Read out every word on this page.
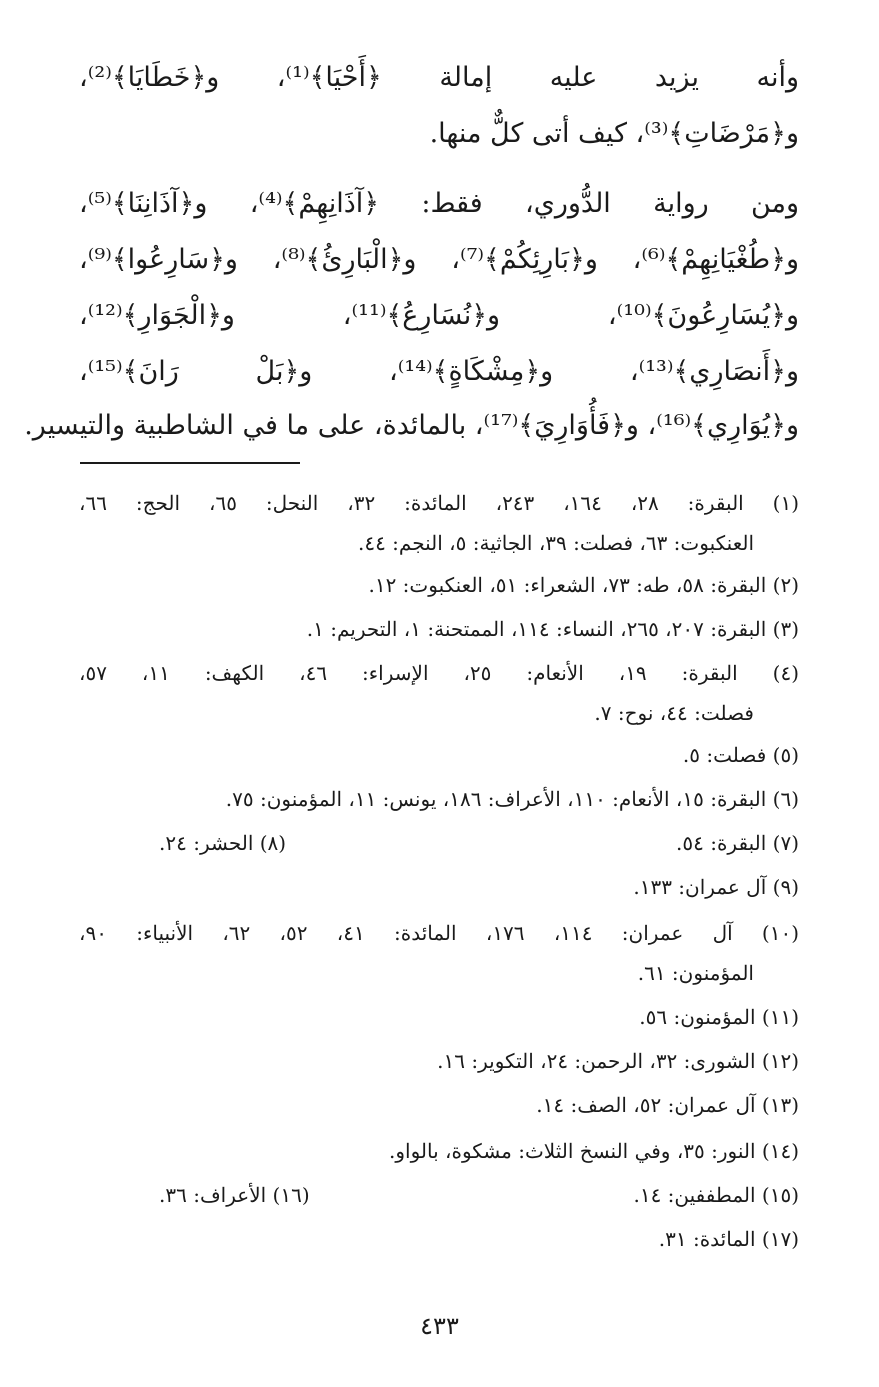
وأنه يزيد عليه إمالة ﴿أَحْيَا﴾⁽¹⁾، و﴿خَطَايَا﴾⁽²⁾،
و﴿مَرْضَاتِ﴾⁽³⁾، كيف أتى كلٌّ منها.
ومن رواية الدُّوري، فقط: ﴿آذَانِهِمْ﴾⁽⁴⁾، و﴿آذَانِنَا﴾⁽⁵⁾،
و﴿طُغْيَانِهِمْ﴾⁽⁶⁾، و﴿بَارِئِكُمْ﴾⁽⁷⁾، و﴿الْبَارِئُ﴾⁽⁸⁾، و﴿سَارِعُوا﴾⁽⁹⁾،
و﴿يُسَارِعُونَ﴾⁽¹⁰⁾، و﴿نُسَارِعُ﴾⁽¹¹⁾، و﴿الْجَوَارِ﴾⁽¹²⁾،
و﴿أَنصَارِي﴾⁽¹³⁾، و﴿مِشْكَاةٍ﴾⁽¹⁴⁾، و﴿بَلْ رَانَ﴾⁽¹⁵⁾،
و﴿يُوَارِي﴾⁽¹⁶⁾، و﴿فَأُوَارِيَ﴾⁽¹⁷⁾، بالمائدة، على ما في الشاطبية والتيسير.
(١) البقرة: ٢٨، ١٦٤، ٢٤٣، المائدة: ٣٢، النحل: ٦٥، الحج: ٦٦،
العنكبوت: ٦٣، فصلت: ٣٩، الجاثية: ٥، النجم: ٤٤.
(٢) البقرة: ٥٨، طه: ٧٣، الشعراء: ٥١، العنكبوت: ١٢.
(٣) البقرة: ٢٠٧، ٢٦٥، النساء: ١١٤، الممتحنة: ١، التحريم: ١.
(٤) البقرة: ١٩، الأنعام: ٢٥، الإسراء: ٤٦، الكهف: ١١، ٥٧،
فصلت: ٤٤، نوح: ٧.
(٥) فصلت: ٥.
(٦) البقرة: ١٥، الأنعام: ١١٠، الأعراف: ١٨٦، يونس: ١١، المؤمنون: ٧٥.
(٧) البقرة: ٥٤.
(٨) الحشر: ٢٤.
(٩) آل عمران: ١٣٣.
(١٠) آل عمران: ١١٤، ١٧٦، المائدة: ٤١، ٥٢، ٦٢، الأنبياء: ٩٠،
المؤمنون: ٦١.
(١١) المؤمنون: ٥٦.
(١٢) الشورى: ٣٢، الرحمن: ٢٤، التكوير: ١٦.
(١٣) آل عمران: ٥٢، الصف: ١٤.
(١٤) النور: ٣٥، وفي النسخ الثلاث: مشكوة، بالواو.
(١٥) المطففين: ١٤.
(١٦) الأعراف: ٣٦.
(١٧) المائدة: ٣١.
٤٣٣
